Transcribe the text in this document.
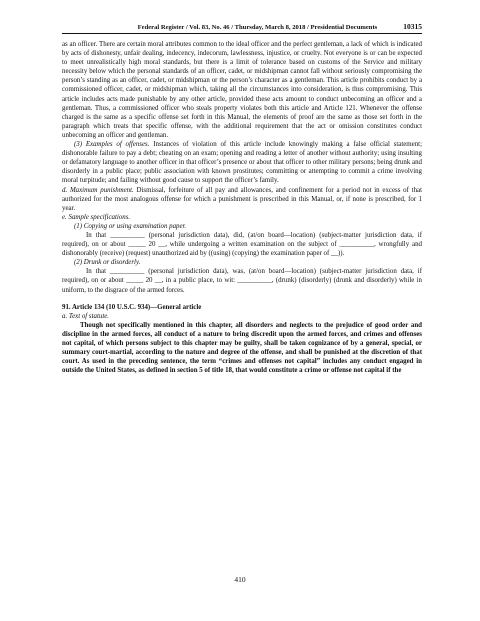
Federal Register / Vol. 83, No. 46 / Thursday, March 8, 2018 / Presidential Documents	10315

as an officer. There are certain moral attributes common to the ideal officer and the perfect gentleman, a lack of which is indicated by acts of dishonesty, unfair dealing, indecency, indecorum, lawlessness, injustice, or cruelty. Not everyone is or can be expected to meet unrealistically high moral standards, but there is a limit of tolerance based on customs of the Service and military necessity below which the personal standards of an officer, cadet, or midshipman cannot fall without seriously compromising the person’s standing as an officer, cadet, or midshipman or the person’s character as a gentleman. This article prohibits conduct by a commissioned officer, cadet, or midshipman which, taking all the circumstances into consideration, is thus compromising. This article includes acts made punishable by any other article, provided these acts amount to conduct unbecoming an officer and a gentleman. Thus, a commissioned officer who steals property violates both this article and Article 121. Whenever the offense charged is the same as a specific offense set forth in this Manual, the elements of proof are the same as those set forth in the paragraph which treats that specific offense, with the additional requirement that the act or omission constitutes conduct unbecoming an officer and gentleman.

(3) Examples of offenses. Instances of violation of this article include knowingly making a false official statement; dishonorable failure to pay a debt; cheating on an exam; opening and reading a letter of another without authority; using insulting or defamatory language to another officer in that officer’s presence or about that officer to other military persons; being drunk and disorderly in a public place; public association with known prostitutes; committing or attempting to commit a crime involving moral turpitude; and failing without good cause to support the officer’s family.

d. Maximum punishment. Dismissal, forfeiture of all pay and allowances, and confinement for a period not in excess of that authorized for the most analogous offense for which a punishment is prescribed in this Manual, or, if none is prescribed, for 1 year.

e. Sample specifications.

(1) Copying or using examination paper.

In that __________ (personal jurisdiction data), did, (at/on board—location) (subject-matter jurisdiction data, if required), on or about _____ 20 __, while undergoing a written examination on the subject of __________, wrongfully and dishonorably (receive) (request) unauthorized aid by ((using) (copying) the examination paper of __)).

(2) Drunk or disorderly.

In that __________ (personal jurisdiction data), was, (at/on board—location) (subject-matter jurisdiction data, if required), on or about _____ 20 __, in a public place, to wit: __________, (drunk) (disorderly) (drunk and disorderly) while in uniform, to the disgrace of the armed forces.

91. Article 134 (10 U.S.C. 934)—General article

a. Text of statute.

Though not specifically mentioned in this chapter, all disorders and neglects to the prejudice of good order and discipline in the armed forces, all conduct of a nature to bring discredit upon the armed forces, and crimes and offenses not capital, of which persons subject to this chapter may be guilty, shall be taken cognizance of by a general, special, or summary court-martial, according to the nature and degree of the offense, and shall be punished at the discretion of that court. As used in the preceding sentence, the term “crimes and offenses not capital” includes any conduct engaged in outside the United States, as defined in section 5 of title 18, that would constitute a crime or offense not capital if the

410
